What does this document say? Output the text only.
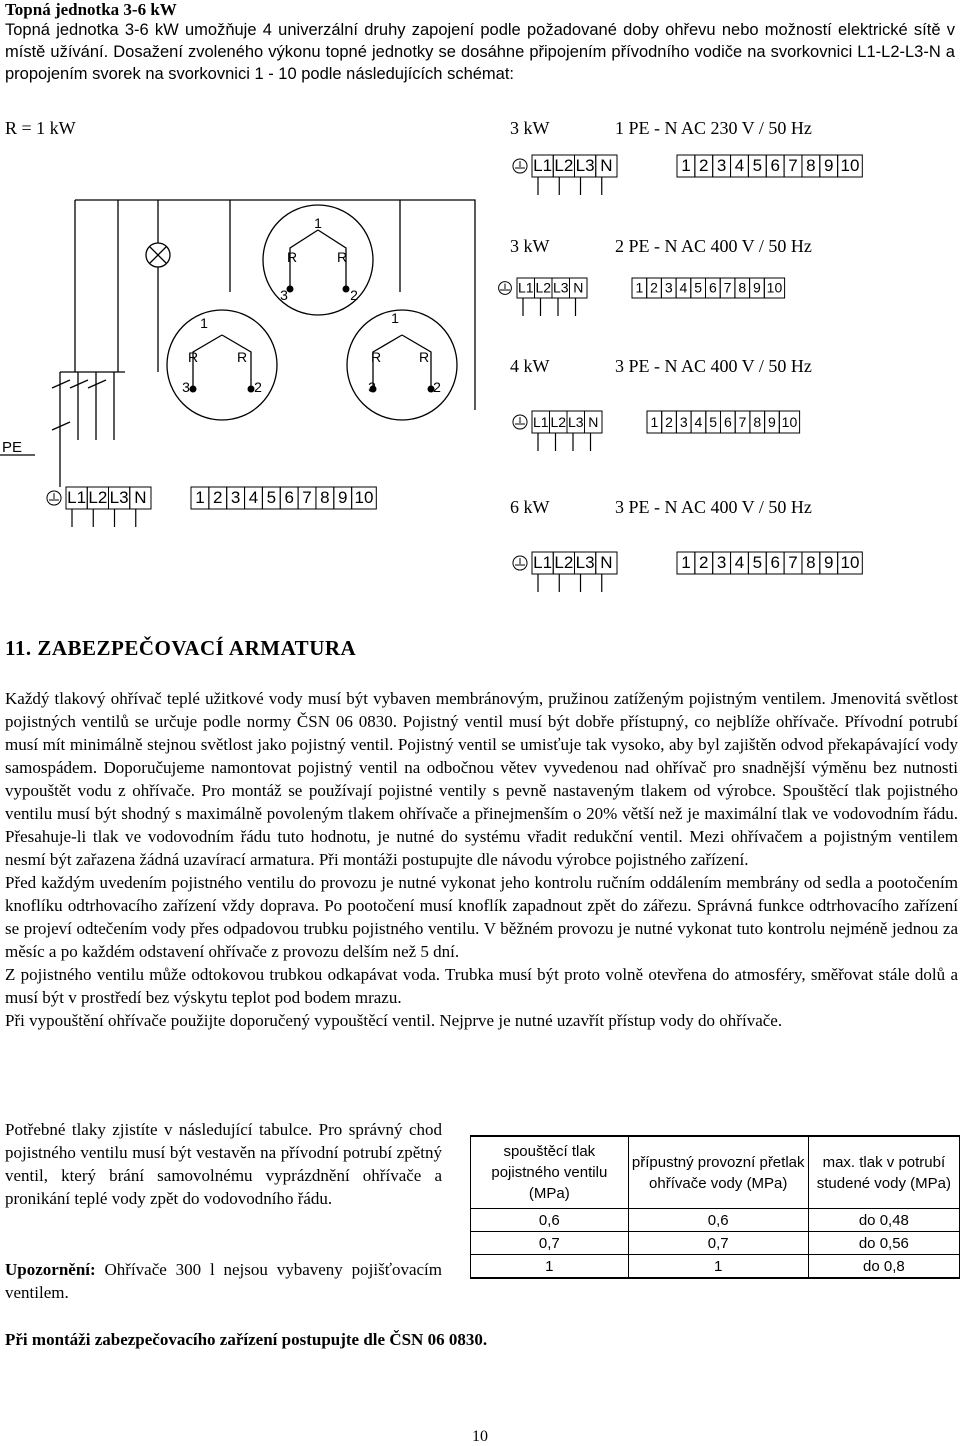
Topná jednotka 3-6 kW
Topná jednotka 3-6 kW umožňuje 4 univerzální druhy zapojení podle požadované doby ohřevu nebo možností elektrické sítě v místě užívání. Dosažení zvoleného výkonu topné jednotky se dosáhne připojením přívodního vodiče na svorkovnici L1-L2-L3-N a propojením svorek na svorkovnici 1 - 10 podle následujících schémat:
R = 1 kW	3 kW	1 PE - N AC 230 V / 50 Hz
3 kW	2 PE - N AC 400 V / 50 Hz
4 kW	3 PE - N AC 400 V / 50 Hz
6 kW	3 PE - N AC 400 V / 50 Hz
1
R	R
3	2
1
R	R
3	2
1
R	R
3	2
PE
L1 L2 L3 N	1 2 3 4 5 6 7 8 9 10
L1 L2 L3 N	1 2 3 4 5 6 7 8 9 10
L1 L2 L3 N	1 2 3 4 5 6 7 8 9 10
L1 L2 L3 N	1 2 3 4 5 6 7 8 9 10
L1 L2 L3 N	1 2 3 4 5 6 7 8 9 10
11. ZABEZPEČOVACÍ ARMATURA

Každý tlakový ohřívač teplé užitkové vody musí být vybaven membránovým, pružinou zatíženým pojistným ventilem. Jmenovitá světlost pojistných ventilů se určuje podle normy ČSN 06 0830. Pojistný ventil musí být dobře přístupný, co nejblíže ohřívače. Přívodní potrubí musí mít minimálně stejnou světlost jako pojistný ventil. Pojistný ventil se umisťuje tak vysoko, aby byl zajištěn odvod překapávající vody samospádem. Doporučujeme namontovat pojistný ventil na odbočnou větev vyvedenou nad ohřívač pro snadnější výměnu bez nutnosti vypouštět vodu z ohřívače. Pro montáž se používají pojistné ventily s pevně nastaveným tlakem od výrobce. Spouštěcí tlak pojistného ventilu musí být shodný s maximálně povoleným tlakem ohřívače a přinejmenším o 20% větší než je maximální tlak ve vodovodním řádu. Přesahuje-li tlak ve vodovodním řádu tuto hodnotu, je nutné do systému vřadit redukční ventil. Mezi ohřívačem a pojistným ventilem nesmí být zařazena žádná uzavírací armatura. Při montáži postupujte dle návodu výrobce pojistného zařízení.

Před každým uvedením pojistného ventilu do provozu je nutné vykonat jeho kontrolu ručním oddálením membrány od sedla a pootočením knoflíku odtrhovacího zařízení vždy doprava. Po pootočení musí knoflík zapadnout zpět do zářezu. Správná funkce odtrhovacího zařízení se projeví odtečením vody přes odpadovou trubku pojistného ventilu. V běžném provozu je nutné vykonat tuto kontrolu nejméně jednou za měsíc a po každém odstavení ohřívače z provozu delším než 5 dní.

Z pojistného ventilu může odtokovou trubkou odkapávat voda. Trubka musí být proto volně otevřena do atmosféry, směřovat stále dolů a musí být v prostředí bez výskytu teplot pod bodem mrazu.

Při vypouštění ohřívače použijte doporučený vypouštěcí ventil. Nejprve je nutné uzavřít přístup vody do ohřívače.

Potřebné tlaky zjistíte v následující tabulce. Pro správný chod pojistného ventilu musí být vestavěn na přívodní potrubí zpětný ventil, který brání samovolnému vyprázdnění ohřívače a pronikání teplé vody zpět do vodovodního řádu.

Upozornění: Ohřívače 300 l nejsou vybaveny pojišťovacím ventilem.

spouštěcí tlak pojistného ventilu (MPa)	přípustný provozní přetlak ohřívače vody (MPa)	max. tlak v potrubí studené vody (MPa)
0,6	0,6	do 0,48
0,7	0,7	do 0,56
1	1	do 0,8
Při montáži zabezpečovacího zařízení postupujte dle ČSN 06 0830.
10
